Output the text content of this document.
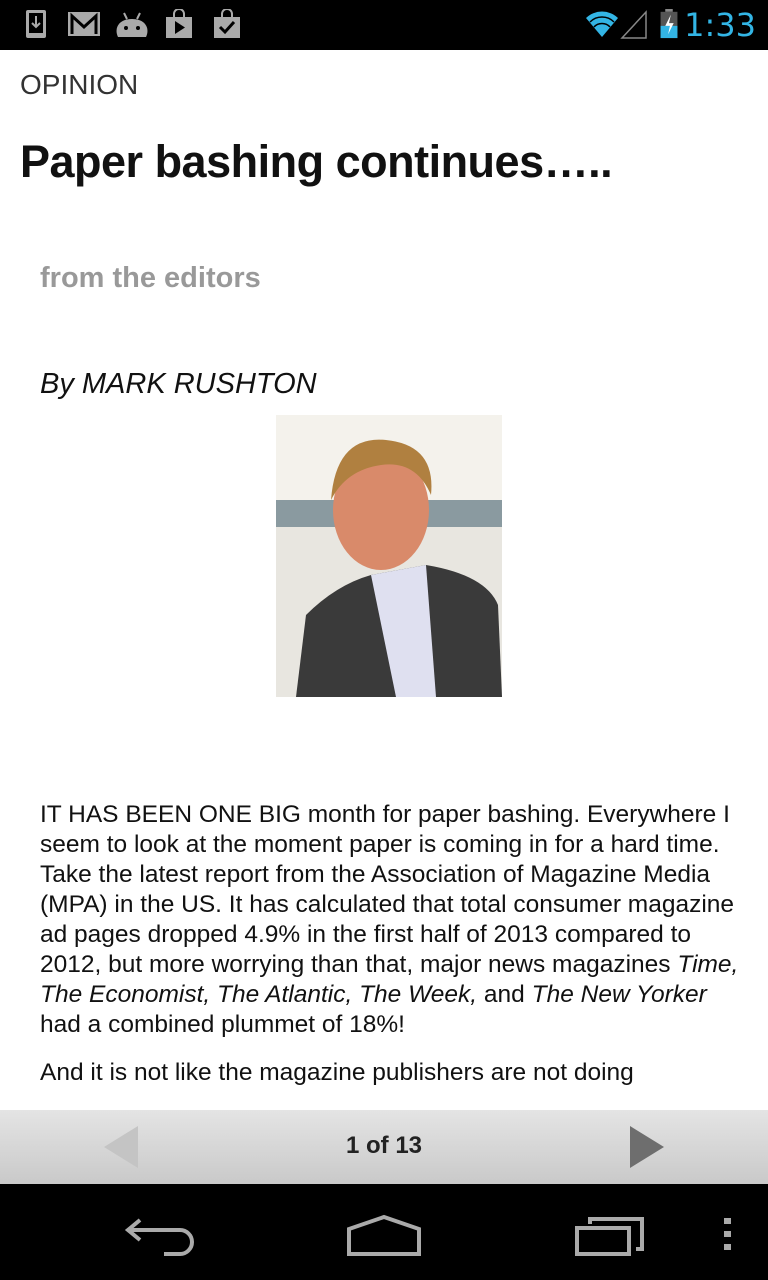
1:33
OPINION
Paper bashing continues…..
from the editors
By MARK RUSHTON

IT HAS BEEN ONE BIG month for paper bashing. Everywhere I seem to look at the moment paper is coming in for a hard time. Take the latest report from the Association of Magazine Media (MPA) in the US. It has calculated that total consumer magazine ad pages dropped 4.9% in the first half of 2013 compared to 2012, but more worrying than that, major news magazines Time, The Economist, The Atlantic, The Week, and The New Yorker had a combined plummet of 18%!

And it is not like the magazine publishers are not doing

1 of 13
